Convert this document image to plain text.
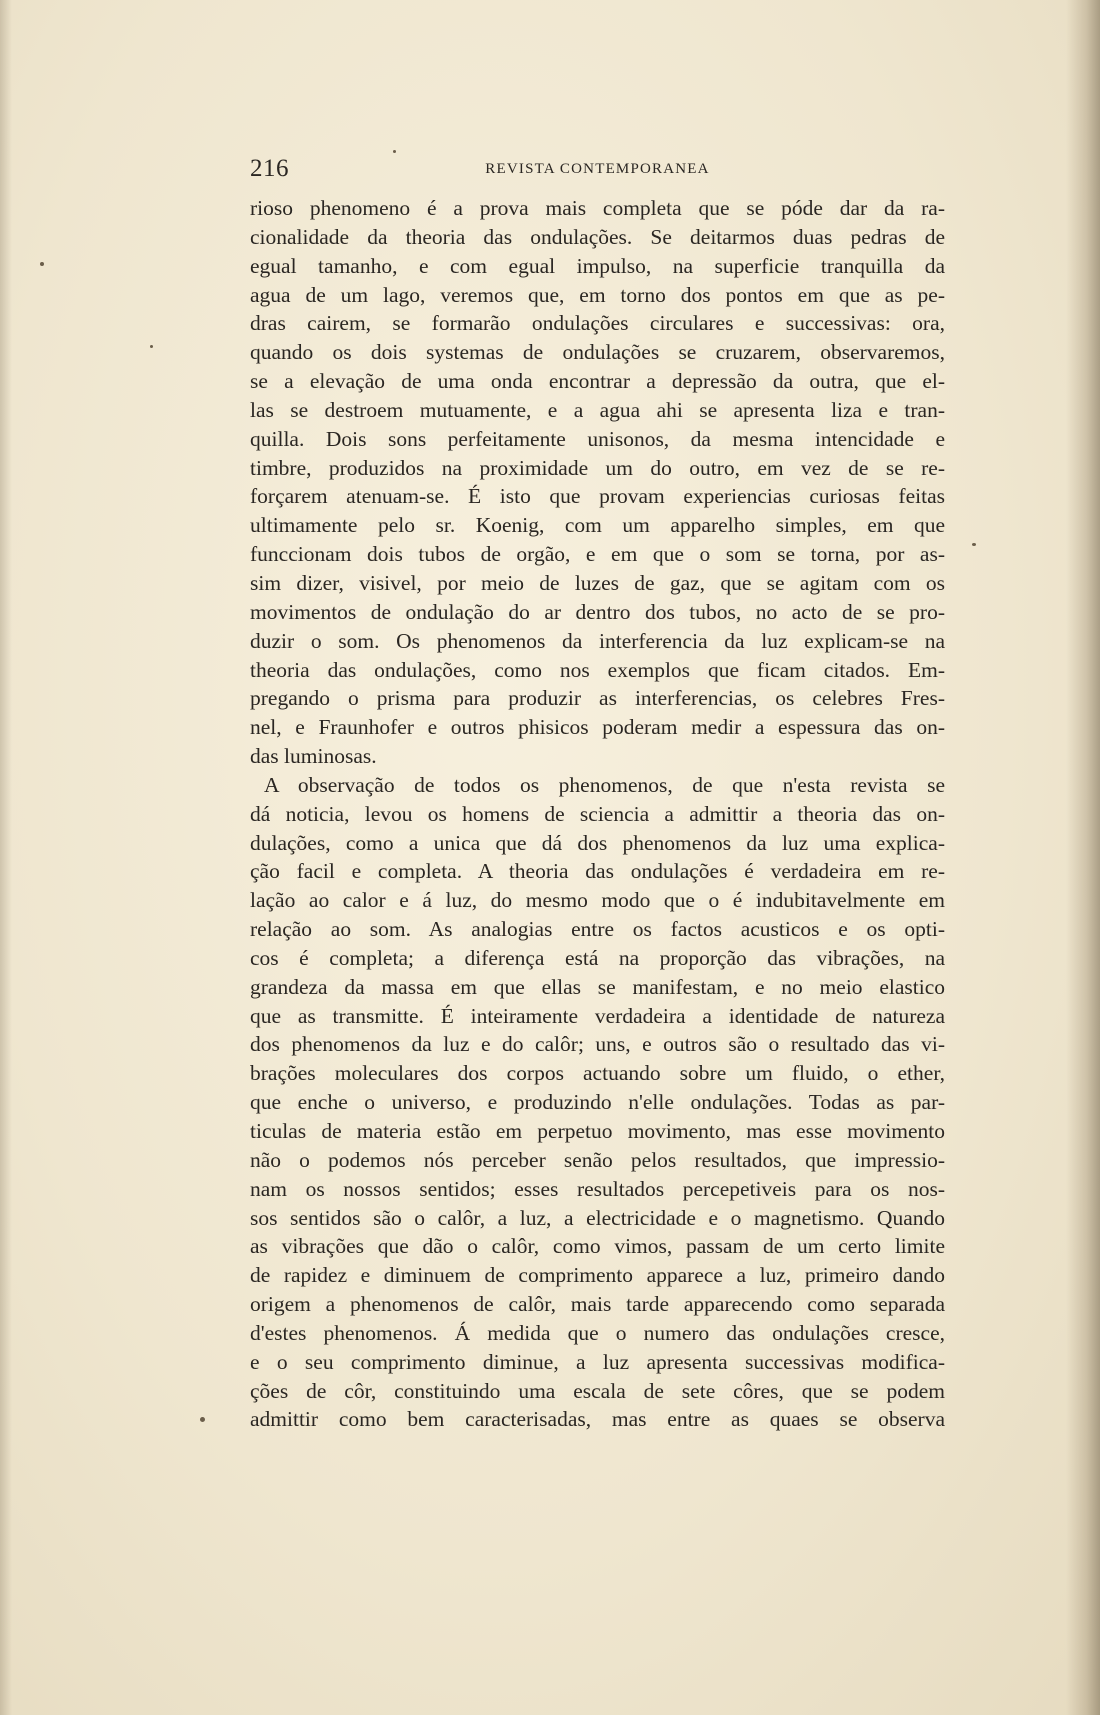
216	REVISTA CONTEMPORANEA
rioso phenomeno é a prova mais completa que se póde dar da ra-
cionalidade da theoria das ondulações. Se deitarmos duas pedras de
egual tamanho, e com egual impulso, na superficie tranquilla da
agua de um lago, veremos que, em torno dos pontos em que as pe-
dras cairem, se formarão ondulações circulares e successivas: ora,
quando os dois systemas de ondulações se cruzarem, observaremos,
se a elevação de uma onda encontrar a depressão da outra, que el-
las se destroem mutuamente, e a agua ahi se apresenta liza e tran-
quilla. Dois sons perfeitamente unisonos, da mesma intencidade e
timbre, produzidos na proximidade um do outro, em vez de se re-
forçarem atenuam-se. É isto que provam experiencias curiosas feitas
ultimamente pelo sr. Koenig, com um apparelho simples, em que
funccionam dois tubos de orgão, e em que o som se torna, por as-
sim dizer, visivel, por meio de luzes de gaz, que se agitam com os
movimentos de ondulação do ar dentro dos tubos, no acto de se pro-
duzir o som. Os phenomenos da interferencia da luz explicam-se na
theoria das ondulações, como nos exemplos que ficam citados. Em-
pregando o prisma para produzir as interferencias, os celebres Fres-
nel, e Fraunhofer e outros phisicos poderam medir a espessura das on-
das luminosas.
A observação de todos os phenomenos, de que n'esta revista se
dá noticia, levou os homens de sciencia a admittir a theoria das on-
dulações, como a unica que dá dos phenomenos da luz uma explica-
ção facil e completa. A theoria das ondulações é verdadeira em re-
lação ao calor e á luz, do mesmo modo que o é indubitavelmente em
relação ao som. As analogias entre os factos acusticos e os opti-
cos é completa; a diferença está na proporção das vibrações, na
grandeza da massa em que ellas se manifestam, e no meio elastico
que as transmitte. É inteiramente verdadeira a identidade de natureza
dos phenomenos da luz e do calôr; uns, e outros são o resultado das vi-
brações moleculares dos corpos actuando sobre um fluido, o ether,
que enche o universo, e produzindo n'elle ondulações. Todas as par-
ticulas de materia estão em perpetuo movimento, mas esse movimento
não o podemos nós perceber senão pelos resultados, que impressio-
nam os nossos sentidos; esses resultados percepetiveis para os nos-
sos sentidos são o calôr, a luz, a electricidade e o magnetismo. Quando
as vibrações que dão o calôr, como vimos, passam de um certo limite
de rapidez e diminuem de comprimento apparece a luz, primeiro dando
origem a phenomenos de calôr, mais tarde apparecendo como separada
d'estes phenomenos. Á medida que o numero das ondulações cresce,
e o seu comprimento diminue, a luz apresenta successivas modifica-
ções de côr, constituindo uma escala de sete côres, que se podem
admittir como bem caracterisadas, mas entre as quaes se observa
